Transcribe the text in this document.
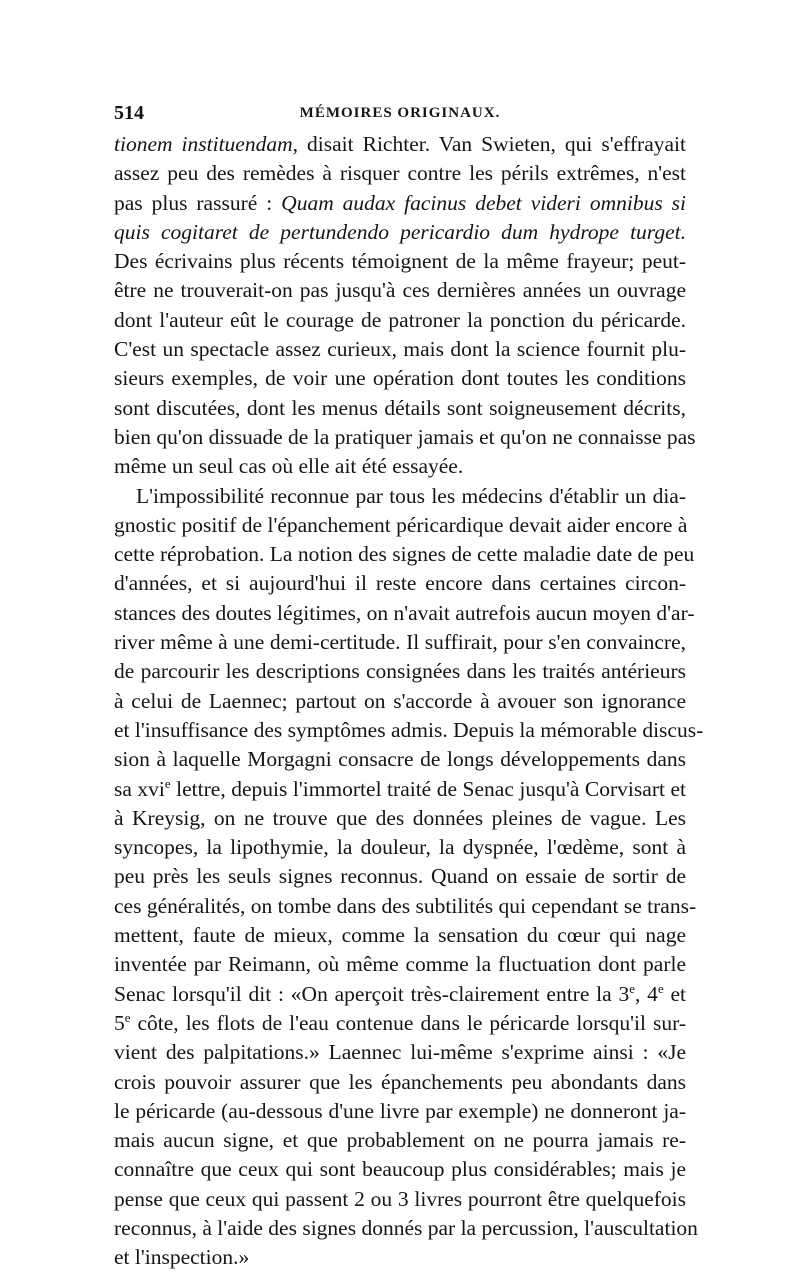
514	MÉMOIRES ORIGINAUX.
tionem instituendam, disait Richter. Van Swieten, qui s'effrayait
assez peu des remèdes à risquer contre les périls extrêmes, n'est
pas plus rassuré : Quam audax facinus debet videri omnibus si
quis cogitaret de pertundendo pericardio dum hydrope turget.
Des écrivains plus récents témoignent de la même frayeur; peut-
être ne trouverait-on pas jusqu'à ces dernières années un ouvrage
dont l'auteur eût le courage de patroner la ponction du péricarde.
C'est un spectacle assez curieux, mais dont la science fournit plu-
sieurs exemples, de voir une opération dont toutes les conditions
sont discutées, dont les menus détails sont soigneusement décrits,
bien qu'on dissuade de la pratiquer jamais et qu'on ne connaisse pas
même un seul cas où elle ait été essayée.
L'impossibilité reconnue par tous les médecins d'établir un dia-
gnostic positif de l'épanchement péricardique devait aider encore à
cette réprobation. La notion des signes de cette maladie date de peu
d'années, et si aujourd'hui il reste encore dans certaines circon-
stances des doutes légitimes, on n'avait autrefois aucun moyen d'ar-
river même à une demi-certitude. Il suffirait, pour s'en convaincre,
de parcourir les descriptions consignées dans les traités antérieurs
à celui de Laennec; partout on s'accorde à avouer son ignorance
et l'insuffisance des symptômes admis. Depuis la mémorable discus-
sion à laquelle Morgagni consacre de longs développements dans
sa xvi$^e$ lettre, depuis l'immortel traité de Senac jusqu'à Corvisart et
à Kreysig, on ne trouve que des données pleines de vague. Les
syncopes, la lipothymie, la douleur, la dyspnée, l'œdème, sont à
peu près les seuls signes reconnus. Quand on essaie de sortir de
ces généralités, on tombe dans des subtilités qui cependant se trans-
mettent, faute de mieux, comme la sensation du cœur qui nage
inventée par Reimann, où même comme la fluctuation dont parle
Senac lorsqu'il dit : «On aperçoit très-clairement entre la 3e, 4e et
5e côte, les flots de l'eau contenue dans le péricarde lorsqu'il sur-
vient des palpitations.» Laennec lui-même s'exprime ainsi : «Je
crois pouvoir assurer que les épanchements peu abondants dans
le péricarde (au-dessous d'une livre par exemple) ne donneront ja-
mais aucun signe, et que probablement on ne pourra jamais re-
connaître que ceux qui sont beaucoup plus considérables; mais je
pense que ceux qui passent 2 ou 3 livres pourront être quelquefois
reconnus, à l'aide des signes donnés par la percussion, l'auscultation
et l'inspection.»
